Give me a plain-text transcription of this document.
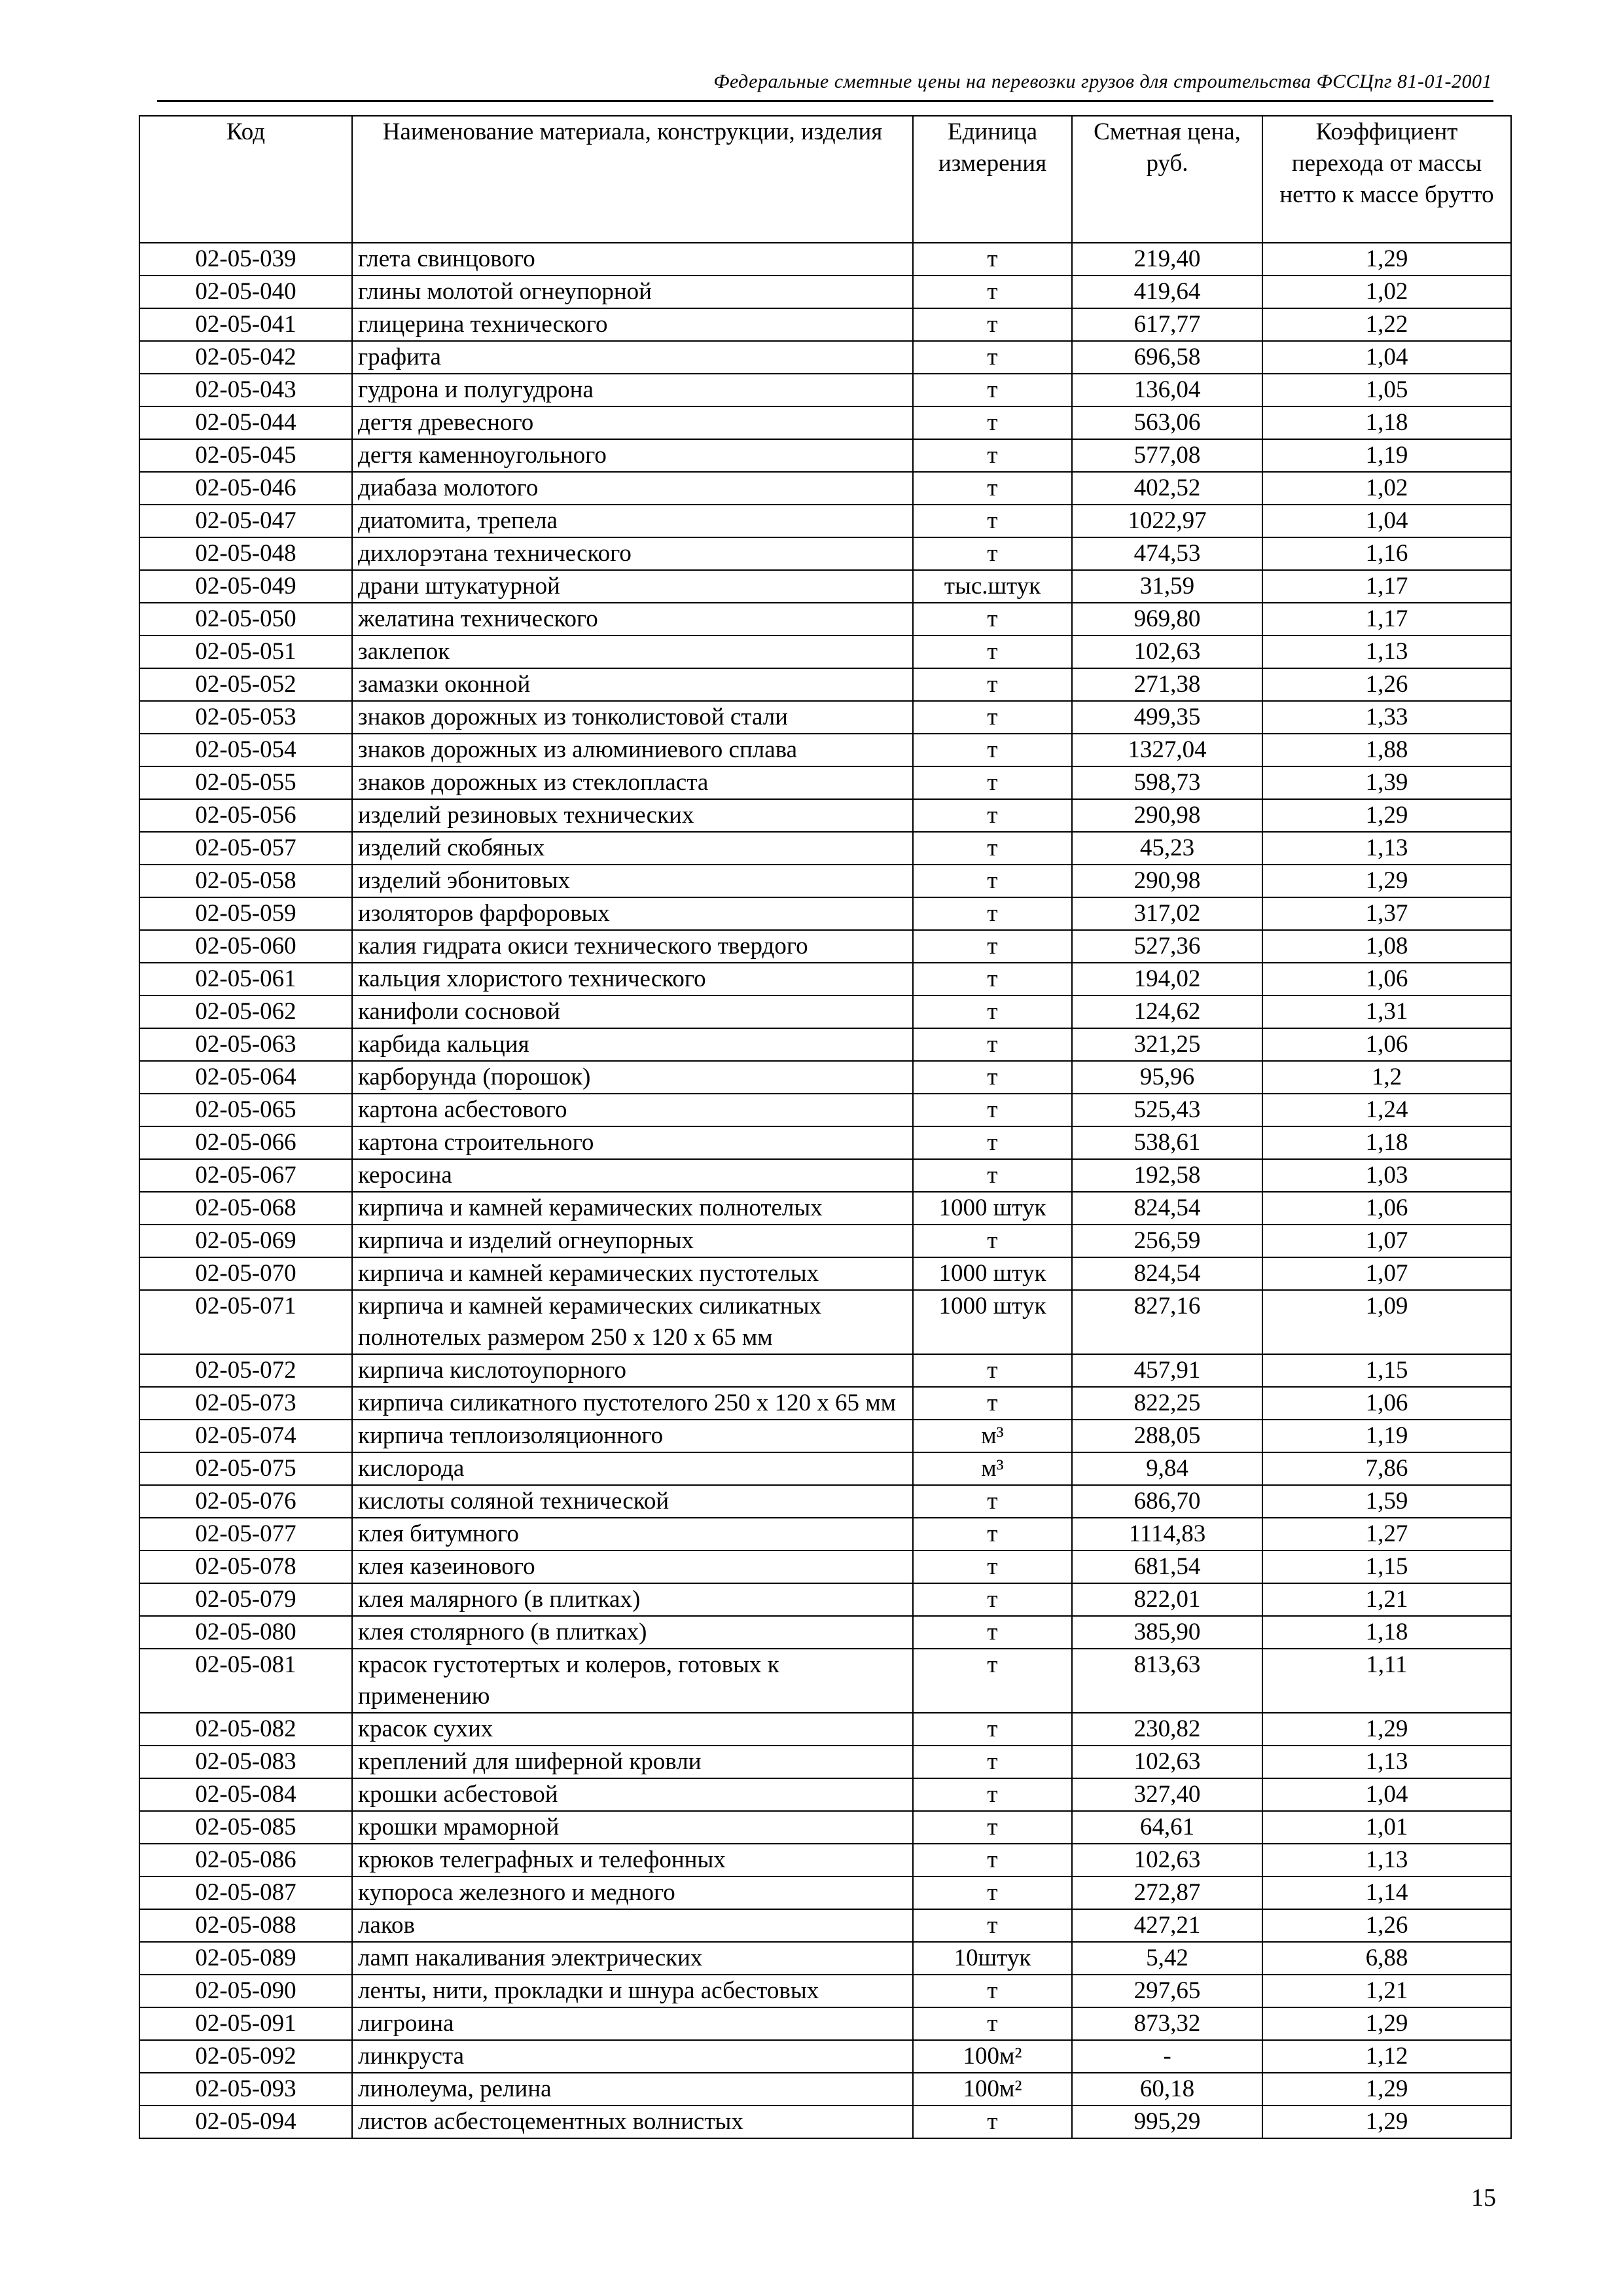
Федеральные сметные цены на перевозки грузов для строительства ФССЦпг 81-01-2001
Код	Наименование материала, конструкции, изделия	Единица измерения	Сметная цена, руб.	Коэффициент перехода от массы нетто к массе брутто
02-05-039	глета свинцового	т	219,40	1,29
02-05-040	глины молотой огнеупорной	т	419,64	1,02
02-05-041	глицерина технического	т	617,77	1,22
02-05-042	графита	т	696,58	1,04
02-05-043	гудрона и полугудрона	т	136,04	1,05
02-05-044	дегтя древесного	т	563,06	1,18
02-05-045	дегтя каменноугольного	т	577,08	1,19
02-05-046	диабаза молотого	т	402,52	1,02
02-05-047	диатомита, трепела	т	1022,97	1,04
02-05-048	дихлорэтана технического	т	474,53	1,16
02-05-049	драни штукатурной	тыс.штук	31,59	1,17
02-05-050	желатина технического	т	969,80	1,17
02-05-051	заклепок	т	102,63	1,13
02-05-052	замазки оконной	т	271,38	1,26
02-05-053	знаков дорожных из тонколистовой стали	т	499,35	1,33
02-05-054	знаков дорожных из алюминиевого сплава	т	1327,04	1,88
02-05-055	знаков дорожных из стеклопласта	т	598,73	1,39
02-05-056	изделий резиновых технических	т	290,98	1,29
02-05-057	изделий скобяных	т	45,23	1,13
02-05-058	изделий эбонитовых	т	290,98	1,29
02-05-059	изоляторов фарфоровых	т	317,02	1,37
02-05-060	калия гидрата окиси технического твердого	т	527,36	1,08
02-05-061	кальция хлористого технического	т	194,02	1,06
02-05-062	канифоли сосновой	т	124,62	1,31
02-05-063	карбида кальция	т	321,25	1,06
02-05-064	карборунда (порошок)	т	95,96	1,2
02-05-065	картона асбестового	т	525,43	1,24
02-05-066	картона строительного	т	538,61	1,18
02-05-067	керосина	т	192,58	1,03
02-05-068	кирпича и камней керамических полнотелых	1000 штук	824,54	1,06
02-05-069	кирпича и изделий огнеупорных	т	256,59	1,07
02-05-070	кирпича и камней керамических пустотелых	1000 штук	824,54	1,07
02-05-071	кирпича и камней керамических силикатных полнотелых размером 250 х 120 х 65 мм	1000 штук	827,16	1,09
02-05-072	кирпича кислотоупорного	т	457,91	1,15
02-05-073	кирпича силикатного пустотелого 250 х 120 х 65 мм	т	822,25	1,06
02-05-074	кирпича теплоизоляционного	м³	288,05	1,19
02-05-075	кислорода	м³	9,84	7,86
02-05-076	кислоты соляной технической	т	686,70	1,59
02-05-077	клея битумного	т	1114,83	1,27
02-05-078	клея казеинового	т	681,54	1,15
02-05-079	клея малярного (в плитках)	т	822,01	1,21
02-05-080	клея столярного (в плитках)	т	385,90	1,18
02-05-081	красок густотертых и колеров, готовых к применению	т	813,63	1,11
02-05-082	красок сухих	т	230,82	1,29
02-05-083	креплений для шиферной кровли	т	102,63	1,13
02-05-084	крошки асбестовой	т	327,40	1,04
02-05-085	крошки мраморной	т	64,61	1,01
02-05-086	крюков телеграфных и телефонных	т	102,63	1,13
02-05-087	купороса железного и медного	т	272,87	1,14
02-05-088	лаков	т	427,21	1,26
02-05-089	ламп накаливания электрических	10штук	5,42	6,88
02-05-090	ленты, нити, прокладки и шнура асбестовых	т	297,65	1,21
02-05-091	лигроина	т	873,32	1,29
02-05-092	линкруста	100м²	-	1,12
02-05-093	линолеума, релина	100м²	60,18	1,29
02-05-094	листов асбестоцементных волнистых	т	995,29	1,29
15
